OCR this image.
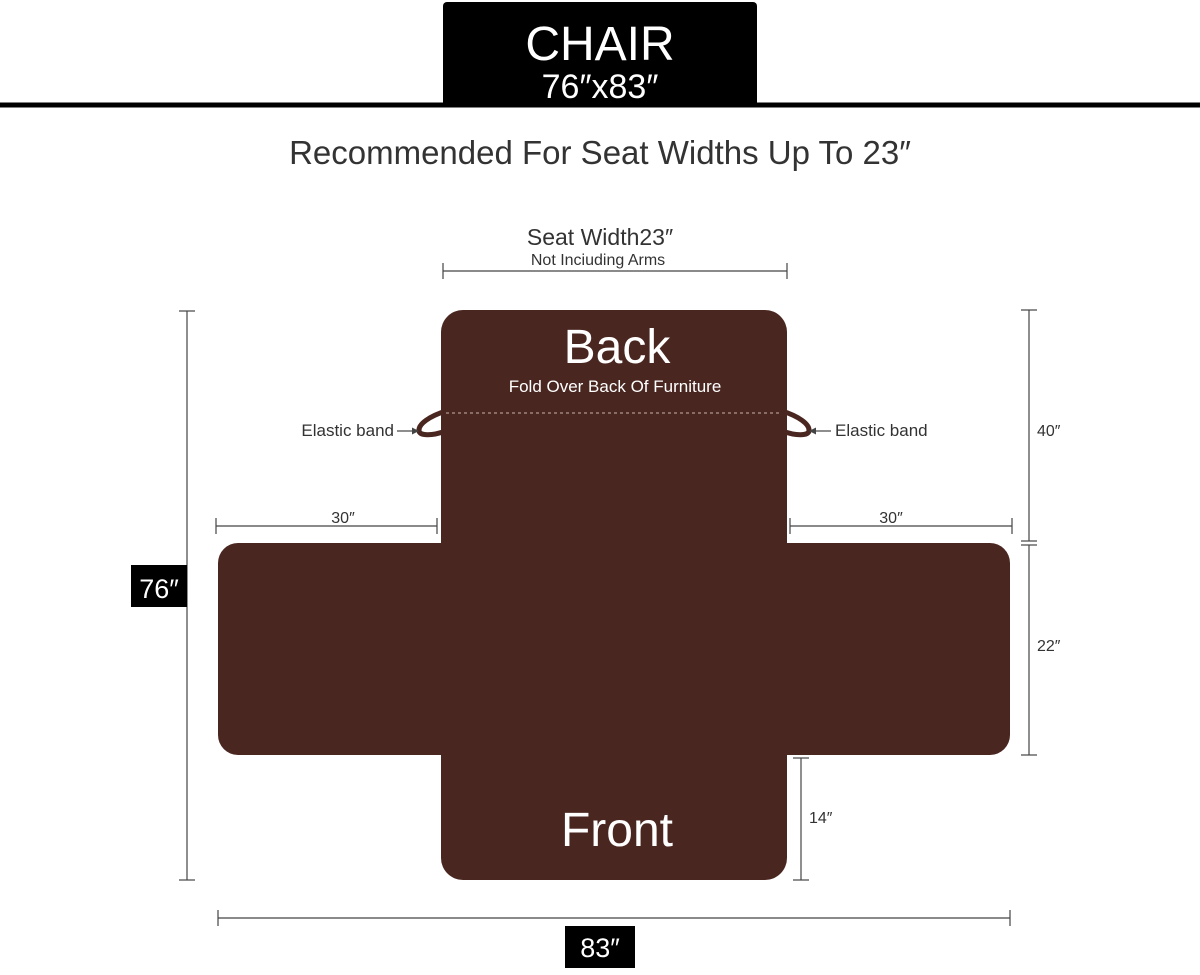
CHAIR
76″x83″
Recommended For Seat Widths Up To 23″
Seat Width23″
Not Inciuding Arms
Back
Fold Over Back Of Furniture
Front
Elastic band	Elastic band
30″	30″
76″
40″
22″
14″
83″
